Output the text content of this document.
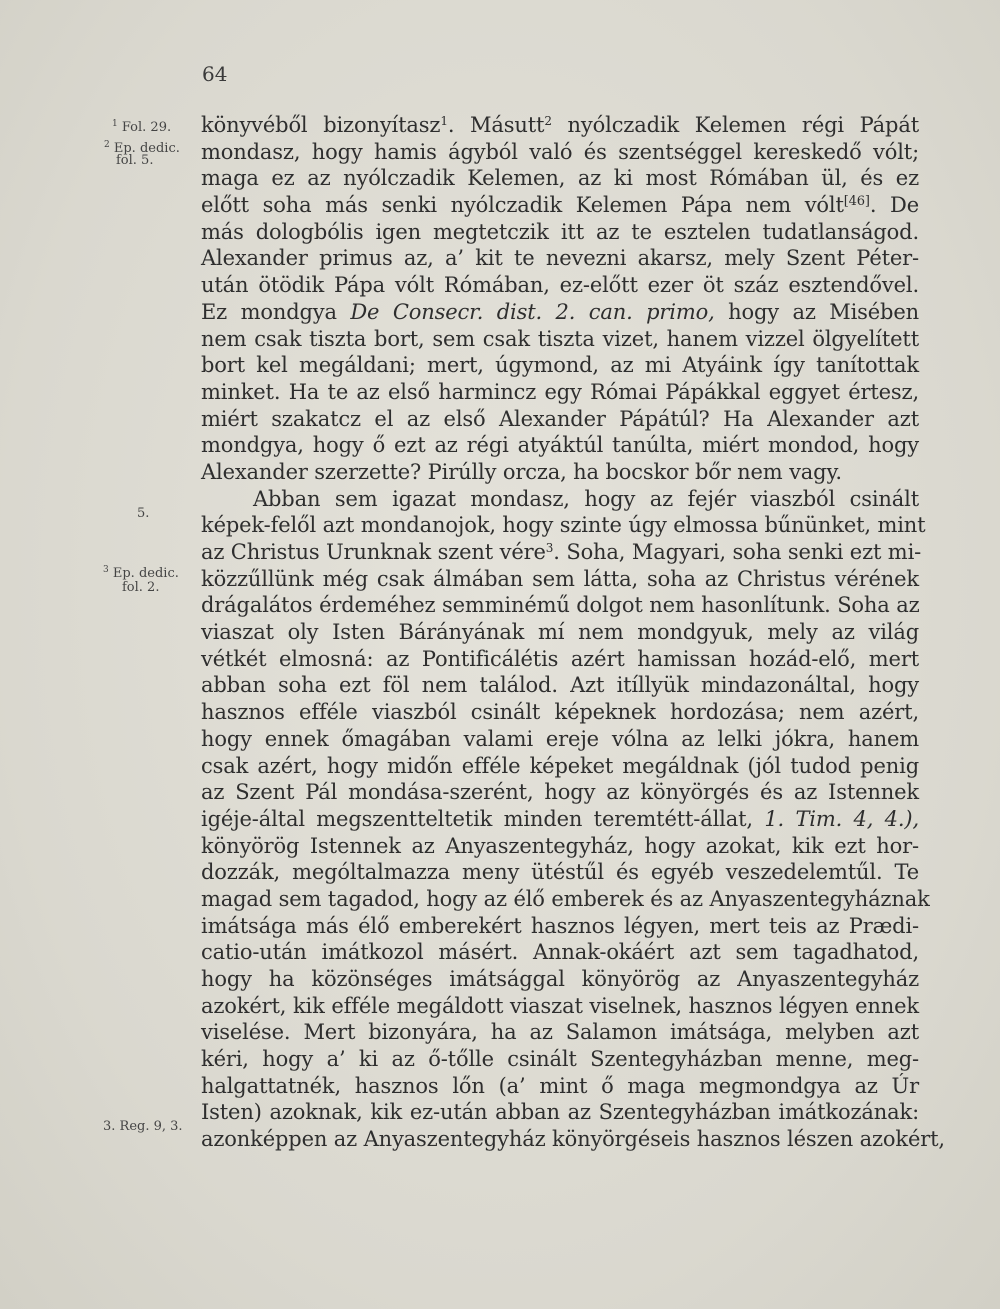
64
$^1$ Fol. 29.
$^2$ Ep. dedic.
fol. 5.
5.
$^3$ Ep. dedic.
fol. 2.
3. Reg. 9, 3.
könyvéből bizonyítasz$^1$. Másutt$^2$ nyólczadik Kelemen régi Pápát
mondasz, hogy hamis ágyból való és szentséggel kereskedő vólt;
maga ez az nyólczadik Kelemen, az ki most Rómában ül, és ez
előtt soha más senki nyólczadik Kelemen Pápa nem vólt[46]. De
más dologbólis igen megtetczik itt az te esztelen tudatlanságod.
Alexander primus az, a’ kit te nevezni akarsz, mely Szent Péter-
után ötödik Pápa vólt Rómában, ez-előtt ezer öt száz esztendővel.
Ez mondgya De Consecr. dist. 2. can. primo, hogy az Misében
nem csak tiszta bort, sem csak tiszta vizet, hanem vizzel ölgyelített
bort kel megáldani; mert, úgymond, az mi Atyáink így tanítottak
minket. Ha te az első harmincz egy Római Pápákkal eggyet értesz,
miért szakatcz el az első Alexander Pápátúl? Ha Alexander azt
mondgya, hogy ő ezt az régi atyáktúl tanúlta, miért mondod, hogy
Alexander szerzette? Pirúlly orcza, ha bocskor bőr nem vagy.
Abban sem igazat mondasz, hogy az fejér viaszból csinált
képek-felől azt mondanojok, hogy szinte úgy elmossa bűnünket, mint
az Christus Urunknak szent vére$^3$. Soha, Magyari, soha senki ezt mi-
közzűllünk még csak álmában sem látta, soha az Christus vérének
drágalátos érdeméhez semminémű dolgot nem hasonlítunk. Soha az
viaszat oly Isten Bárányának mí nem mondgyuk, mely az világ
vétkét elmosná: az Pontificálétis azért hamissan hozád-elő, mert
abban soha ezt föl nem találod. Azt itíllyük mindazonáltal, hogy
hasznos efféle viaszból csinált képeknek hordozása; nem azért,
hogy ennek őmagában valami ereje vólna az lelki jókra, hanem
csak azért, hogy midőn efféle képeket megáldnak (jól tudod penig
az Szent Pál mondása-szerént, hogy az könyörgés és az Istennek
igéje-által megszentteltetik minden teremtétt-állat, 1. Tim. 4, 4.),
könyörög Istennek az Anyaszentegyház, hogy azokat, kik ezt hor-
dozzák, mególtalmazza meny ütéstűl és egyéb veszedelemtűl. Te
magad sem tagadod, hogy az élő emberek és az Anyaszentegyháznak
imátsága más élő emberekért hasznos légyen, mert teis az Prædi-
catio-után imátkozol másért. Annak-okáért azt sem tagadhatod,
hogy ha közönséges imátsággal könyörög az Anyaszentegyház
azokért, kik efféle megáldott viaszat viselnek, hasznos légyen ennek
viselése. Mert bizonyára, ha az Salamon imátsága, melyben azt
kéri, hogy a’ ki az ő-tőlle csinált Szentegyházban menne, meg-
halgattatnék, hasznos lőn (a’ mint ő maga megmondgya az Úr
Isten) azoknak, kik ez-után abban az Szentegyházban imátkozának:
azonképpen az Anyaszentegyház könyörgéseis hasznos lészen azokért,
